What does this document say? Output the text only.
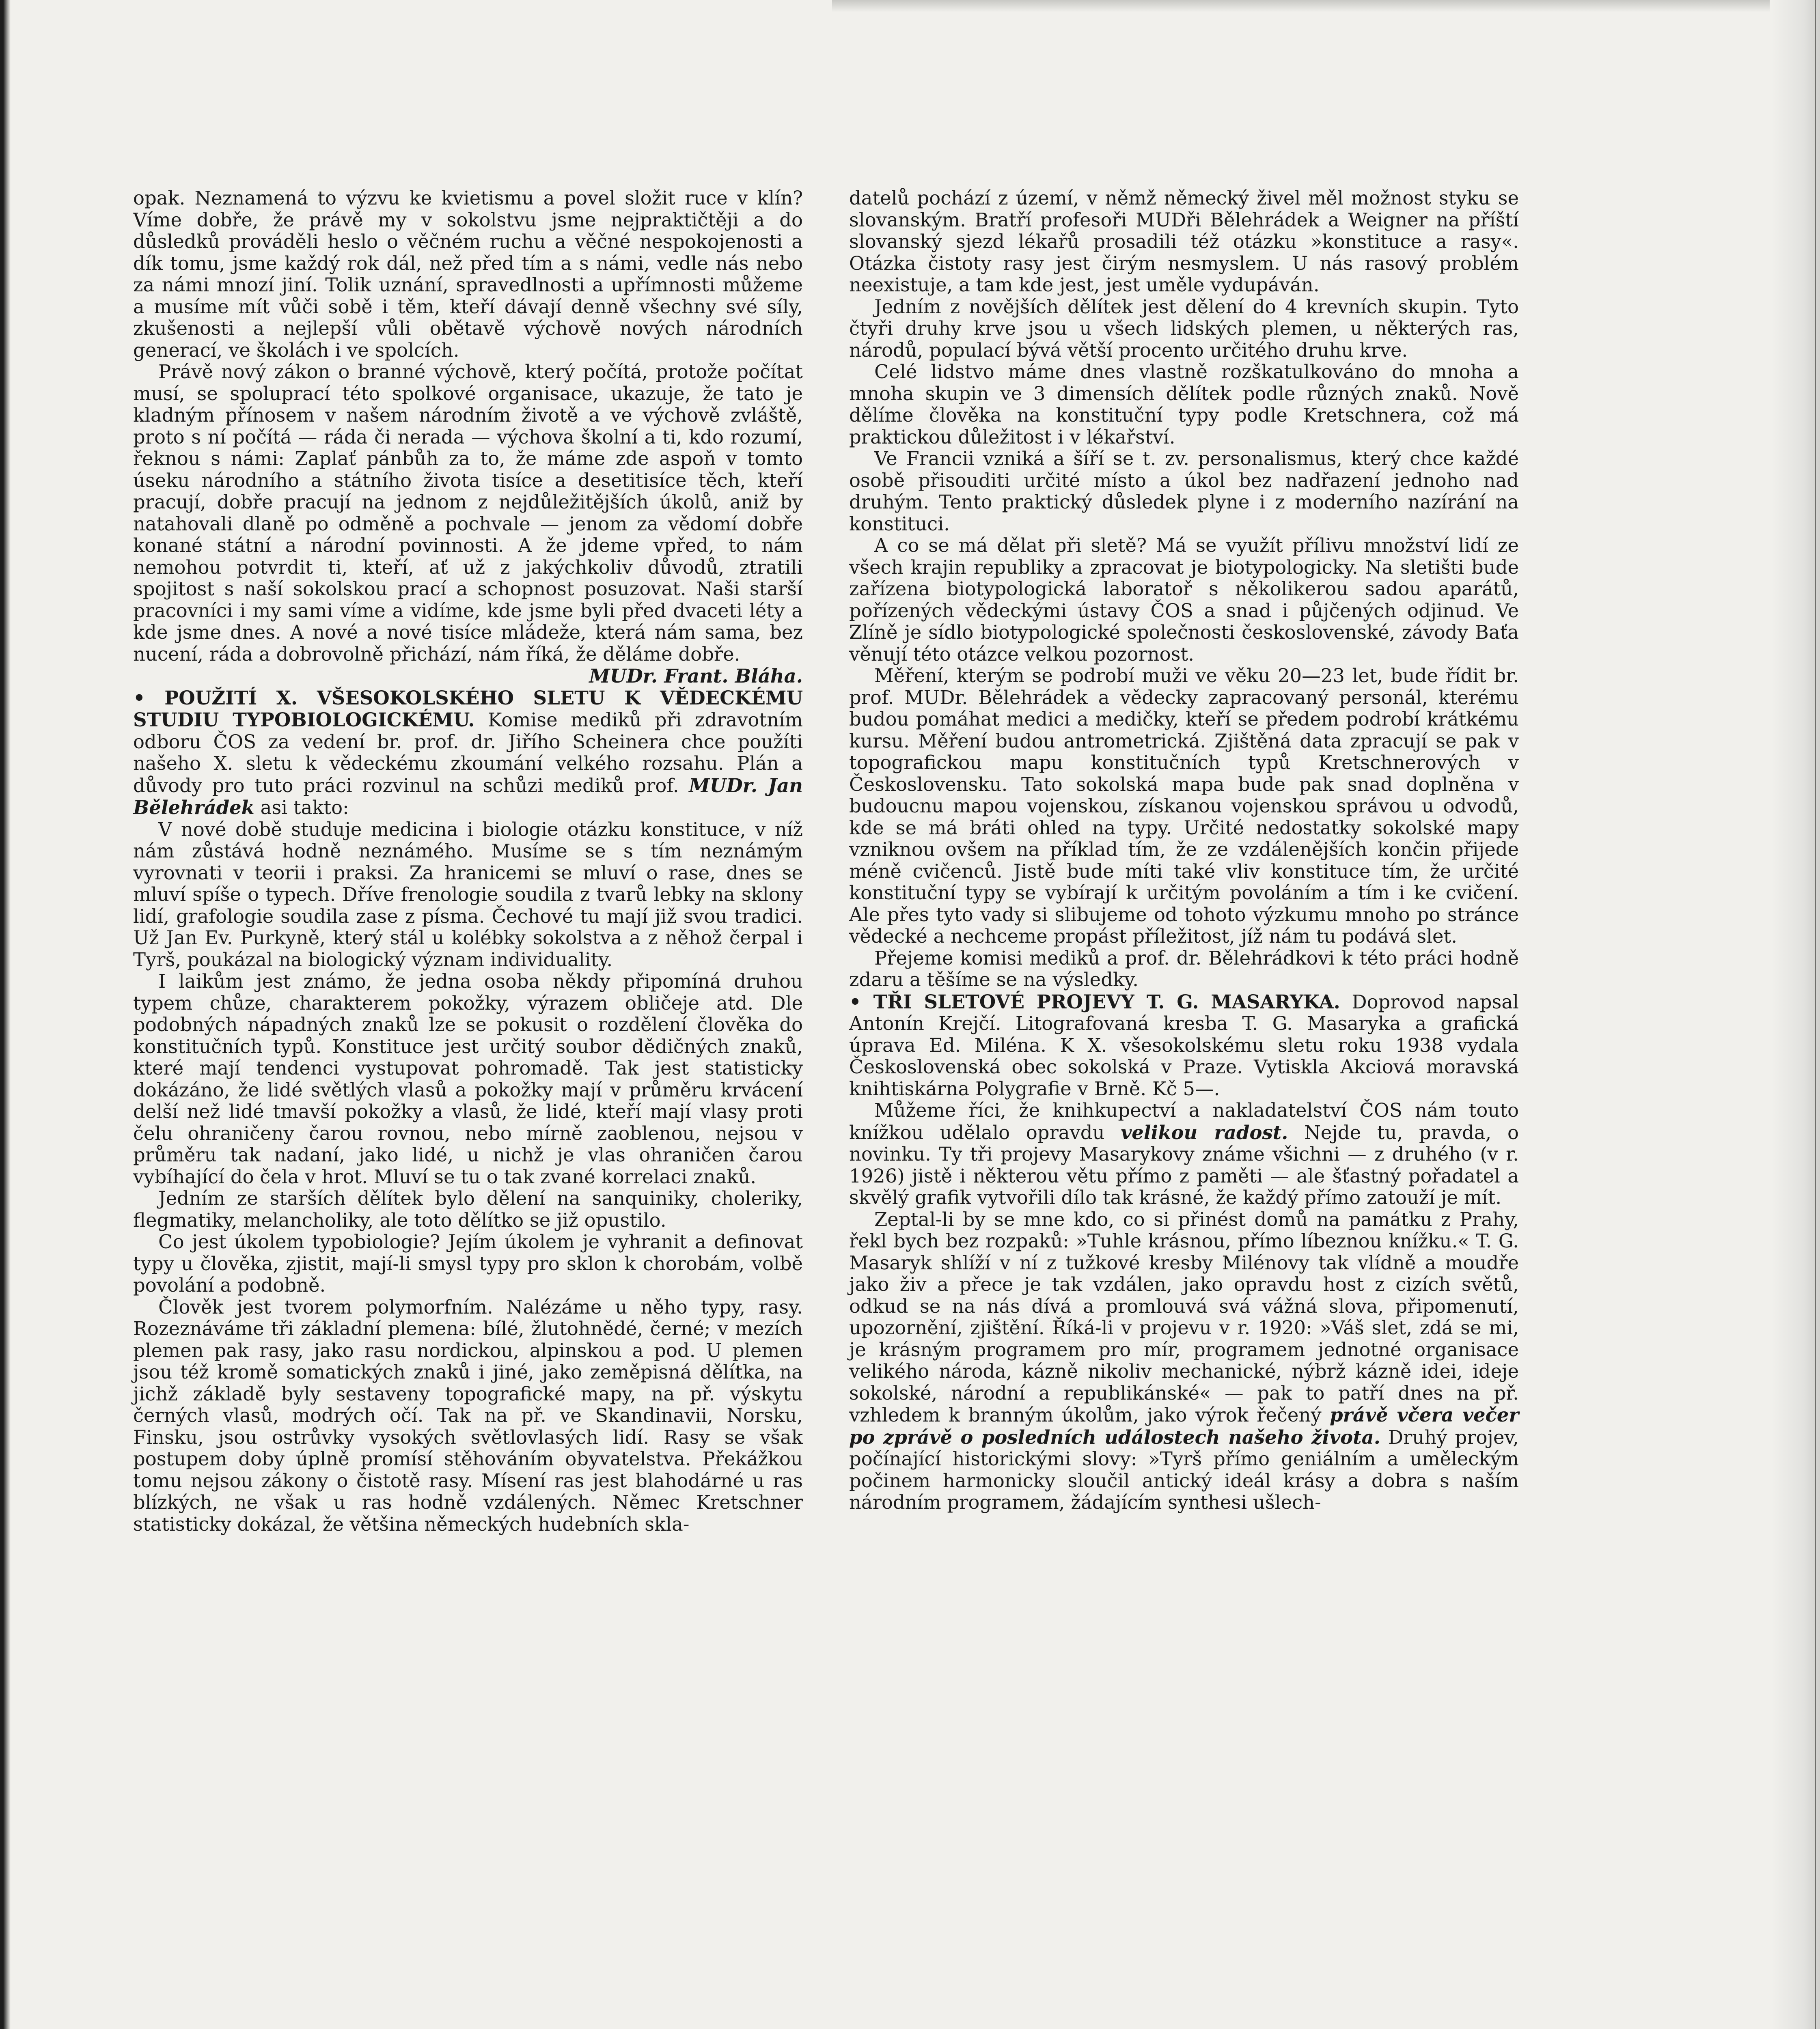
opak. Neznamená to výzvu ke kvietismu a povel složit ruce v klín? Víme dobře, že právě my v sokolstvu jsme nejpraktičtěji a do důsledků prováděli heslo o věčném ruchu a věčné nespokojenosti a dík tomu, jsme každý rok dál, než před tím a s námi, vedle nás nebo za námi mnozí jiní. Tolik uznání, spravedlnosti a upřímnosti můžeme a musíme mít vůči sobě i těm, kteří dávají denně všechny své síly, zkušenosti a nejlepší vůli obětavě výchově nových národních generací, ve školách i ve spolcích.

Právě nový zákon o branné výchově, který počítá, protože počítat musí, se spoluprací této spolkové organisace, ukazuje, že tato je kladným přínosem v našem národním životě a ve výchově zvláště, proto s ní počítá — ráda či nerada — výchova školní a ti, kdo rozumí, řeknou s námi: Zaplať pánbůh za to, že máme zde aspoň v tomto úseku národního a státního života tisíce a desetitisíce těch, kteří pracují, dobře pracují na jednom z nejdůležitějších úkolů, aniž by natahovali dlaně po odměně a pochvale — jenom za vědomí dobře konané státní a národní povinnosti. A že jdeme vpřed, to nám nemohou potvrdit ti, kteří, ať už z jakýchkoliv důvodů, ztratili spojitost s naší sokolskou prací a schopnost posuzovat. Naši starší pracovníci i my sami víme a vidíme, kde jsme byli před dvaceti léty a kde jsme dnes. A nové a nové tisíce mládeže, která nám sama, bez nucení, ráda a dobrovolně přichází, nám říká, že děláme dobře.

MUDr. Frant. Bláha.

• POUŽITÍ X. VŠESOKOLSKÉHO SLETU K VĚDECKÉMU STUDIU TYPOBIOLOGICKÉMU. Komise mediků při zdravotním odboru ČOS za vedení br. prof. dr. Jiřího Scheinera chce použíti našeho X. sletu k vědeckému zkoumání velkého rozsahu. Plán a důvody pro tuto práci rozvinul na schůzi mediků prof. MUDr. Jan Bělehrádek asi takto:

V nové době studuje medicina i biologie otázku konstituce, v níž nám zůstává hodně neznámého. Musíme se s tím neznámým vyrovnati v teorii i praksi. Za hranicemi se mluví o rase, dnes se mluví spíše o typech. Dříve frenologie soudila z tvarů lebky na sklony lidí, grafologie soudila zase z písma. Čechové tu mají již svou tradici. Už Jan Ev. Purkyně, který stál u kolébky sokolstva a z něhož čerpal i Tyrš, poukázal na biologický význam individuality.

I laikům jest známo, že jedna osoba někdy připomíná druhou typem chůze, charakterem pokožky, výrazem obličeje atd. Dle podobných nápadných znaků lze se pokusit o rozdělení člověka do konstitučních typů. Konstituce jest určitý soubor dědičných znaků, které mají tendenci vystupovat pohromadě. Tak jest statisticky dokázáno, že lidé světlých vlasů a pokožky mají v průměru krvácení delší než lidé tmavší pokožky a vlasů, že lidé, kteří mají vlasy proti čelu ohraničeny čarou rovnou, nebo mírně zaoblenou, nejsou v průměru tak nadaní, jako lidé, u nichž je vlas ohraničen čarou vybíhající do čela v hrot. Mluví se tu o tak zvané korrelaci znaků.

Jedním ze starších dělítek bylo dělení na sanquiniky, choleriky, flegmatiky, melancholiky, ale toto dělítko se již opustilo.

Co jest úkolem typobiologie? Jejím úkolem je vyhranit a definovat typy u člověka, zjistit, mají-li smysl typy pro sklon k chorobám, volbě povolání a podobně.

Člověk jest tvorem polymorfním. Nalézáme u něho typy, rasy. Rozeznáváme tři základní plemena: bílé, žlutohnědé, černé; v mezích plemen pak rasy, jako rasu nordickou, alpinskou a pod. U plemen jsou též kromě somatických znaků i jiné, jako zeměpisná dělítka, na jichž základě byly sestaveny topografické mapy, na př. výskytu černých vlasů, modrých očí. Tak na př. ve Skandinavii, Norsku, Finsku, jsou ostrůvky vysokých světlovlasých lidí. Rasy se však postupem doby úplně promísí stěhováním obyvatelstva. Překážkou tomu nejsou zákony o čistotě rasy. Mísení ras jest blahodárné u ras blízkých, ne však u ras hodně vzdálených. Němec Kretschner statisticky dokázal, že většina německých hudebních skla-

datelů pochází z území, v němž německý živel měl možnost styku se slovanským. Bratří profesoři MUDři Bělehrádek a Weigner na příští slovanský sjezd lékařů prosadili též otázku »konstituce a rasy«. Otázka čistoty rasy jest čirým nesmyslem. U nás rasový problém neexistuje, a tam kde jest, jest uměle vydupáván.

Jedním z novějších dělítek jest dělení do 4 krevních skupin. Tyto čtyři druhy krve jsou u všech lidských plemen, u některých ras, národů, populací bývá větší procento určitého druhu krve.

Celé lidstvo máme dnes vlastně rozškatulkováno do mnoha a mnoha skupin ve 3 dimensích dělítek podle různých znaků. Nově dělíme člověka na konstituční typy podle Kretschnera, což má praktickou důležitost i v lékařství.

Ve Francii vzniká a šíří se t. zv. personalismus, který chce každé osobě přisouditi určité místo a úkol bez nadřazení jednoho nad druhým. Tento praktický důsledek plyne i z moderního nazírání na konstituci.

A co se má dělat při sletě? Má se využít přílivu množství lidí ze všech krajin republiky a zpracovat je biotypologicky. Na sletišti bude zařízena biotypologická laboratoř s několikerou sadou aparátů, pořízených vědeckými ústavy ČOS a snad i půjčených odjinud. Ve Zlíně je sídlo biotypologické společnosti československé, závody Baťa věnují této otázce velkou pozornost.

Měření, kterým se podrobí muži ve věku 20—23 let, bude řídit br. prof. MUDr. Bělehrádek a vědecky zapracovaný personál, kterému budou pomáhat medici a medičky, kteří se předem podrobí krátkému kursu. Měření budou antrometrická. Zjištěná data zpracují se pak v topografickou mapu konstitučních typů Kretschnerových v Československu. Tato sokolská mapa bude pak snad doplněna v budoucnu mapou vojenskou, získanou vojenskou správou u odvodů, kde se má bráti ohled na typy. Určité nedostatky sokolské mapy vzniknou ovšem na příklad tím, že ze vzdálenějších končin přijede méně cvičenců. Jistě bude míti také vliv konstituce tím, že určité konstituční typy se vybírají k určitým povoláním a tím i ke cvičení. Ale přes tyto vady si slibujeme od tohoto výzkumu mnoho po stránce vědecké a nechceme propást příležitost, jíž nám tu podává slet.

Přejeme komisi mediků a prof. dr. Bělehrádkovi k této práci hodně zdaru a těšíme se na výsledky.

• TŘI SLETOVÉ PROJEVY T. G. MASARYKA. Doprovod napsal Antonín Krejčí. Litografovaná kresba T. G. Masaryka a grafická úprava Ed. Miléna. K X. všesokolskému sletu roku 1938 vydala Československá obec sokolská v Praze. Vytiskla Akciová moravská knihtiskárna Polygrafie v Brně. Kč 5—.

Můžeme říci, že knihkupectví a nakladatelství ČOS nám touto knížkou udělalo opravdu velikou radost. Nejde tu, pravda, o novinku. Ty tři projevy Masarykovy známe všichni — z druhého (v r. 1926) jistě i některou větu přímo z paměti — ale šťastný pořadatel a skvělý grafik vytvořili dílo tak krásné, že každý přímo zatouží je mít.

Zeptal-li by se mne kdo, co si přinést domů na památku z Prahy, řekl bych bez rozpaků: »Tuhle krásnou, přímo líbeznou knížku.« T. G. Masaryk shlíží v ní z tužkové kresby Milénovy tak vlídně a moudře jako živ a přece je tak vzdálen, jako opravdu host z cizích světů, odkud se na nás dívá a promlouvá svá vážná slova, připomenutí, upozornění, zjištění. Říká-li v projevu v r. 1920: »Váš slet, zdá se mi, je krásným programem pro mír, programem jednotné organisace velikého národa, kázně nikoliv mechanické, nýbrž kázně idei, ideje sokolské, národní a republikánské« — pak to patří dnes na př. vzhledem k branným úkolům, jako výrok řečený právě včera večer po zprávě o posledních událostech našeho života. Druhý projev, počínající historickými slovy: »Tyrš přímo geniálním a uměleckým počinem harmonicky sloučil antický ideál krásy a dobra s naším národním programem, žádajícím synthesi ušlech-
